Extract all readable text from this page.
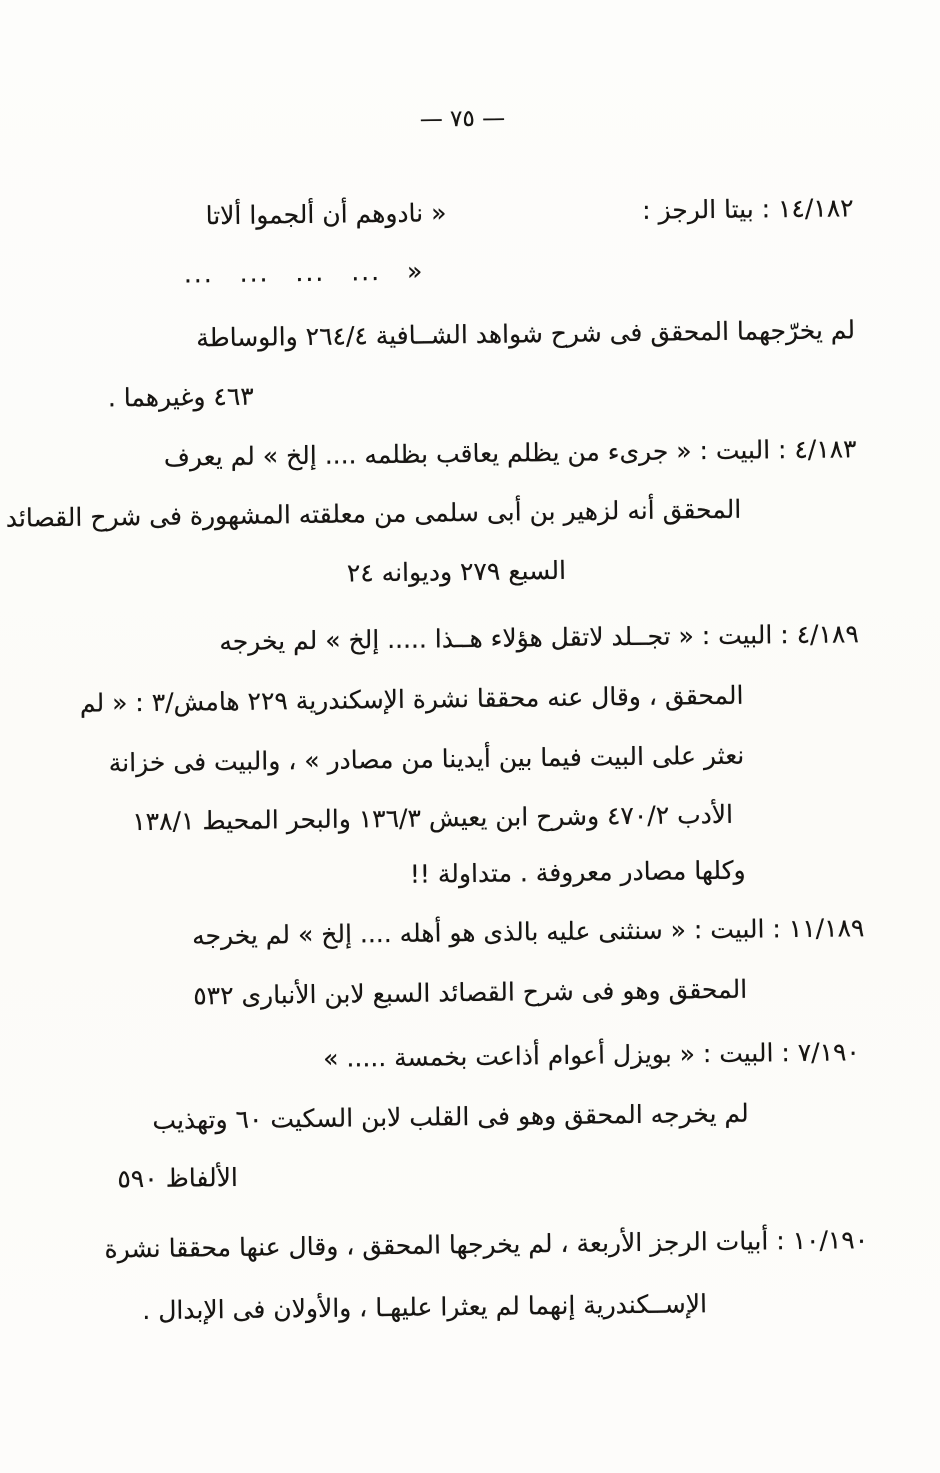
— ٧٥ —
١٤/١٨٢ : بيتا الرجز :
« نادوهم أن ألجموا ألاتا
... ... ... ... »
لم يخرّجهما المحقق فى شرح شواهد الشــافية ٢٦٤/٤ والوساطة
٤٦٣ وغيرهما .
٤/١٨٣ : البيت : « جرىء من يظلم يعاقب بظلمه .... إلخ » لم يعرف
المحقق أنه لزهير بن أبى سلمى من معلقته المشهورة فى شرح القصائد
السبع ٢٧٩ وديوانه ٢٤
٤/١٨٩ : البيت : « تجــلد لاتقل هؤلاء هــذا ..... إلخ » لم يخرجه
المحقق ، وقال عنه محققا نشرة الإسكندرية ٢٢٩ هامش/٣ : « لم
نعثر على البيت فيما بين أيدينا من مصادر » ، والبيت فى خزانة
الأدب ٤٧٠/٢ وشرح ابن يعيش ١٣٦/٣ والبحر المحيط ١٣٨/١
وكلها مصادر معروفة . متداولة !!
١١/١٨٩ : البيت : « سنثنى عليه بالذى هو أهله .... إلخ » لم يخرجه
المحقق وهو فى شرح القصائد السبع لابن الأنبارى ٥٣٢
٧/١٩٠ : البيت : « بويزل أعوام أذاعت بخمسة ..... »
لم يخرجه المحقق وهو فى القلب لابن السكيت ٦٠ وتهذيب
الألفاظ ٥٩٠
١٠/١٩٠ : أبيات الرجز الأربعة ، لم يخرجها المحقق ، وقال عنها محققا نشرة
الإســكندرية إنهما لم يعثرا عليهـا ، والأولان فى الإبدال .
